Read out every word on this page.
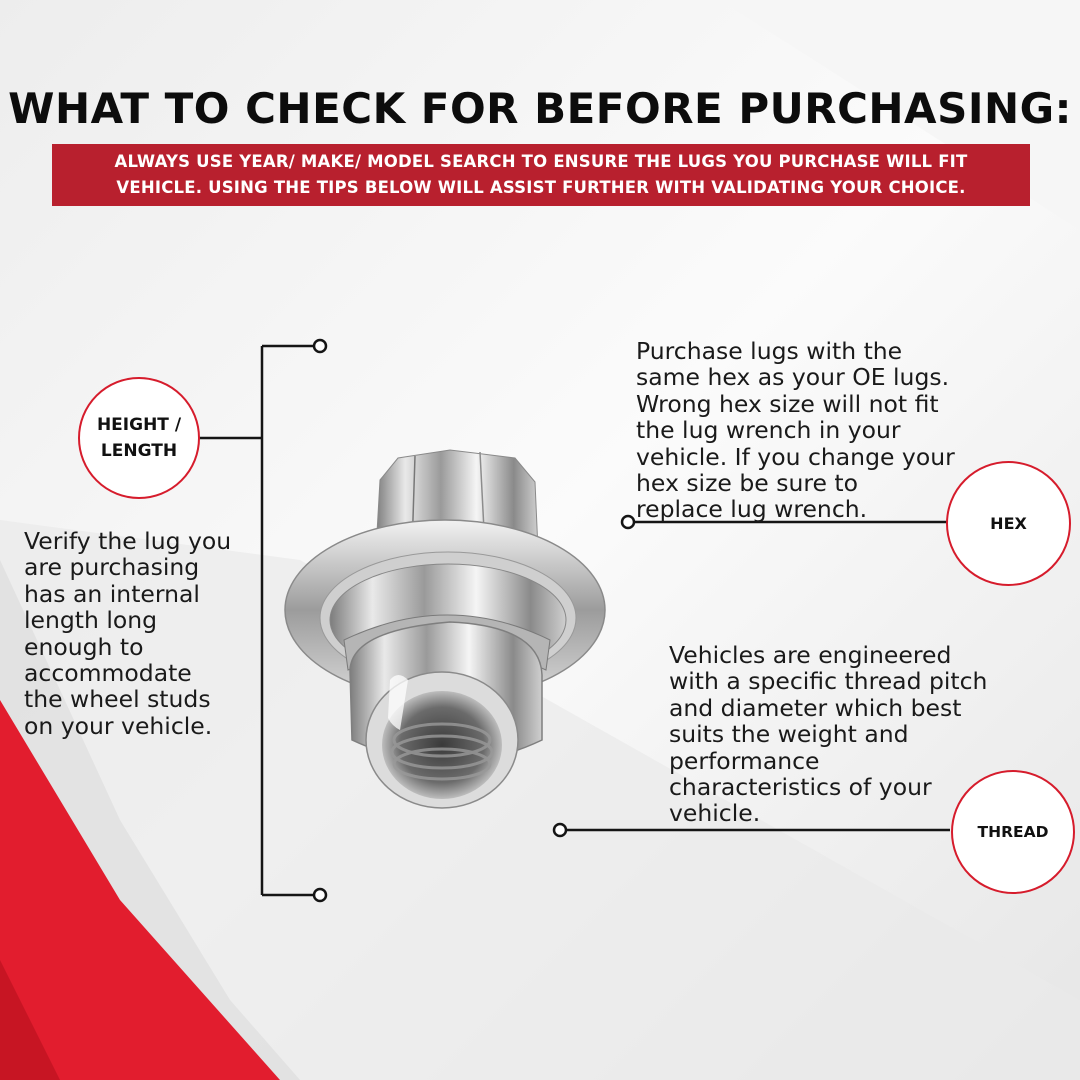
WHAT TO CHECK FOR BEFORE PURCHASING:
ALWAYS USE YEAR/ MAKE/ MODEL SEARCH TO ENSURE THE LUGS YOU PURCHASE WILL FIT
VEHICLE. USING THE TIPS BELOW WILL ASSIST FURTHER WITH VALIDATING YOUR CHOICE.
HEIGHT /
LENGTH
Verify the lug you
are purchasing
has an internal
length long
enough to
accommodate
the wheel studs
on your vehicle.
Purchase lugs with the
same hex as your OE lugs.
Wrong hex size will not fit
the lug wrench in your
vehicle. If you change your
hex size be sure to
replace lug wrench.
HEX
Vehicles are engineered
with a specific thread pitch
and diameter which best
suits the weight and
performance
characteristics of your
vehicle.
THREAD
